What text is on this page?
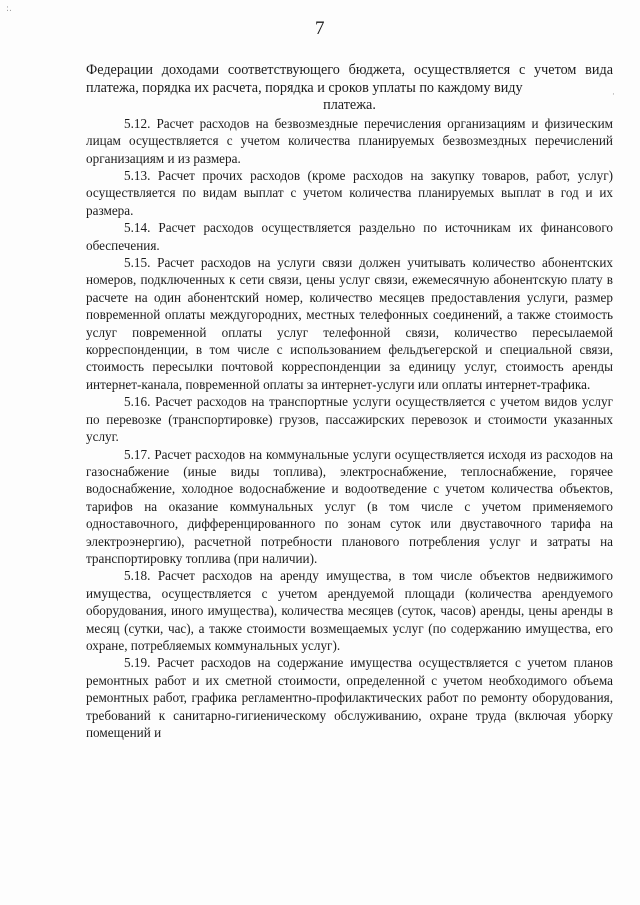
:.
·
7

Федерации доходами соответствующего бюджета, осуществляется с учетом вида платежа, порядка их расчета, порядка и сроков уплаты по каждому виду
платежа.

5.12. Расчет расходов на безвозмездные перечисления организациям и физическим лицам осуществляется с учетом количества планируемых безвозмездных перечислений организациям и из размера.

5.13. Расчет прочих расходов (кроме расходов на закупку товаров, работ, услуг) осуществляется по видам выплат с учетом количества планируемых выплат в год и их размера.

5.14. Расчет расходов осуществляется раздельно по источникам их финансового обеспечения.

5.15. Расчет расходов на услуги связи должен учитывать количество абонентских номеров, подключенных к сети связи, цены услуг связи, ежемесячную абонентскую плату в расчете на один абонентский номер, количество месяцев предоставления услуги, размер повременной оплаты междугородних, местных телефонных соединений, а также стоимость услуг повременной оплаты услуг телефонной связи, количество пересылаемой корреспонденции, в том числе с использованием фельдъегерской и специальной связи, стоимость пересылки почтовой корреспонденции за единицу услуг, стоимость аренды интернет-канала, повременной оплаты за интернет-услуги или оплаты интернет-трафика.

5.16. Расчет расходов на транспортные услуги осуществляется с учетом видов услуг по перевозке (транспортировке) грузов, пассажирских перевозок и стоимости указанных услуг.

5.17. Расчет расходов на коммунальные услуги осуществляется исходя из расходов на газоснабжение (иные виды топлива), электроснабжение, теплоснабжение, горячее водоснабжение, холодное водоснабжение и водоотведение с учетом количества объектов, тарифов на оказание коммунальных услуг (в том числе с учетом применяемого одноставочного, дифференцированного по зонам суток или двуставочного тарифа на электроэнергию), расчетной потребности планового потребления услуг и затраты на транспортировку топлива (при наличии).

5.18. Расчет расходов на аренду имущества, в том числе объектов недвижимого имущества, осуществляется с учетом арендуемой площади (количества арендуемого оборудования, иного имущества), количества месяцев (суток, часов) аренды, цены аренды в месяц (сутки, час), а также стоимости возмещаемых услуг (по содержанию имущества, его охране, потребляемых коммунальных услуг).

5.19. Расчет расходов на содержание имущества осуществляется с учетом планов ремонтных работ и их сметной стоимости, определенной с учетом необходимого объема ремонтных работ, графика регламентно-профилактических работ по ремонту оборудования, требований к санитарно-гигиеническому обслуживанию, охране труда (включая уборку помещений и
